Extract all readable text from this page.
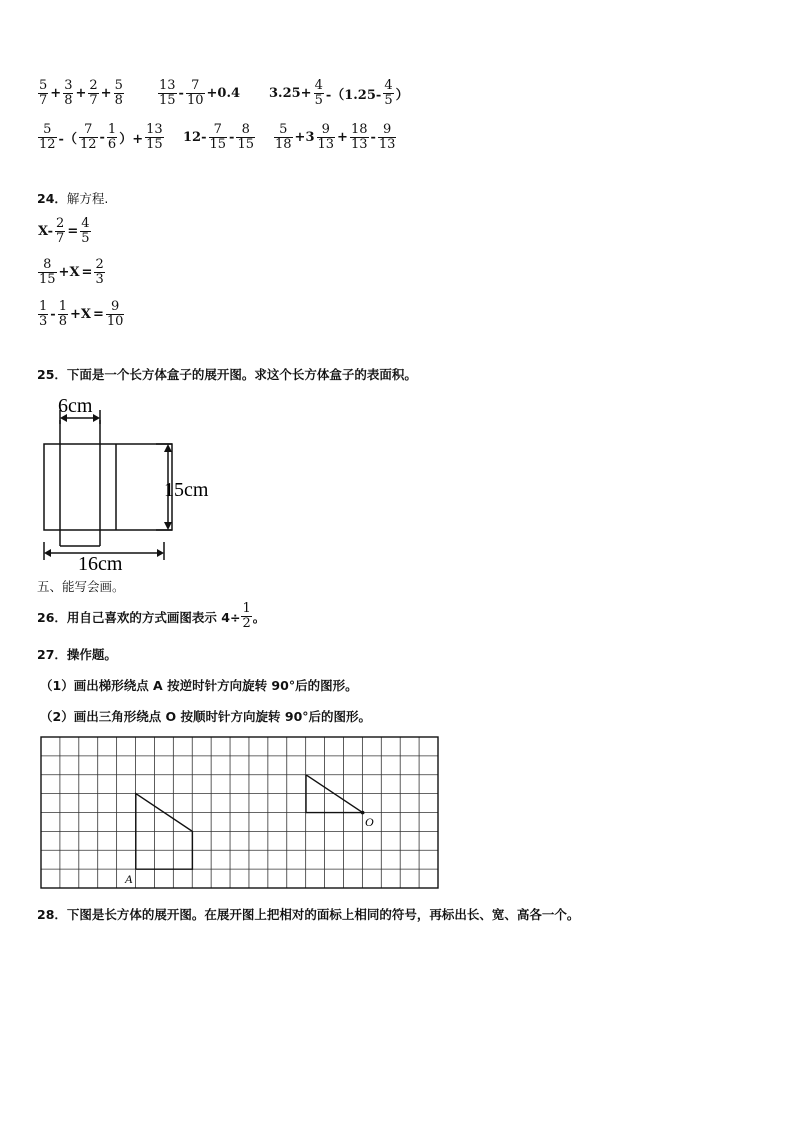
$\frac{5}{7} + \frac{3}{8} + \frac{2}{7} + \frac{5}{8}$	$\frac{13}{15} - \frac{7}{10} +0.4$ $3.25+ \frac{4}{5} -(1.25- \frac{4}{5}$ ）
$\frac{5}{12}$ -（ $\frac{7}{12} - \frac{1}{6}$ ）+ $\frac{13}{15} 12- \frac{7}{15} - \frac{8}{15} \frac{5}{18} +3 \frac{9}{13} + \frac{18}{13} - \frac{9}{13}$
24．解方程.
$X- \frac{2}{7} = \frac{4}{5}$
$\frac{8}{15} +X = \frac{2}{3}$
$\frac{1}{3} - \frac{1}{8} +X = \frac{9}{10}$
25．下面是一个长方体盒子的展开图。求这个长方体盒子的表面积。
6cm
15cm
16cm
五、能写会画。
26． 用自己喜欢的方式画图表示 $4\div \frac{1}{2}$ 。
27．操作题。
（1）画出梯形绕点 A 按逆时针方向旋转 90°后的图形。
（2）画出三角形绕点 O 按顺时针方向旋转 90°后的图形。
A
O
28．下图是长方体的展开图。在展开图上把相对的面标上相同的符号，再标出长、宽、高各一个。
